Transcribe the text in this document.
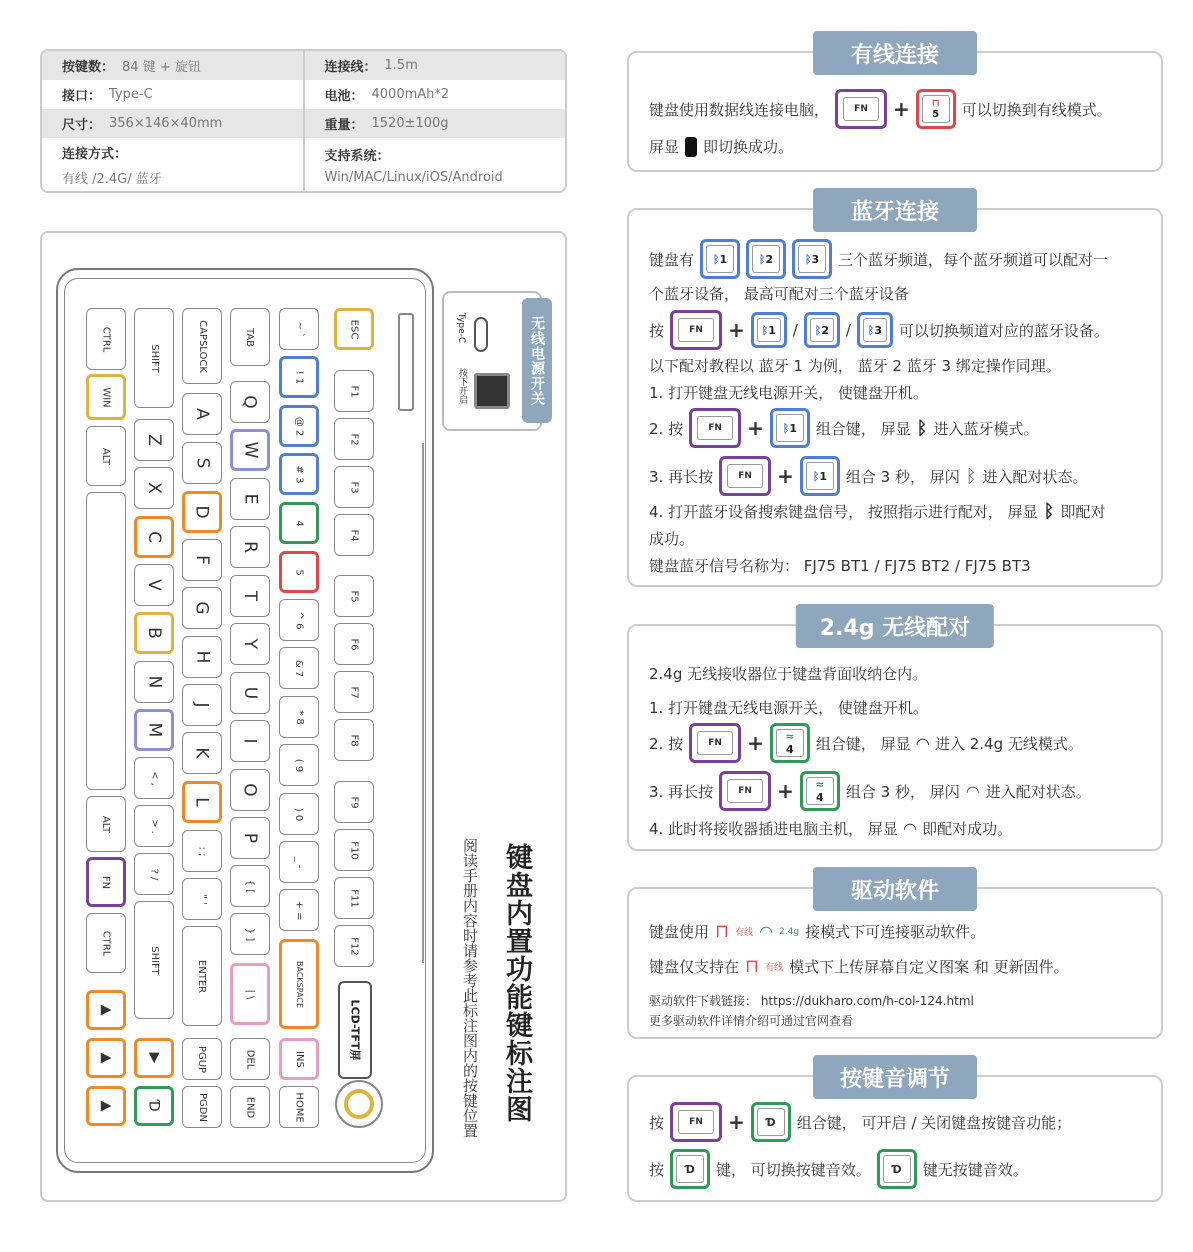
按键数： 84 键 + 旋钮	连接线： 1.5m
接口： Type-C	电池： 4000mAh*2
尺寸： 356×146×40mm	重量： 1520±100g
连接方式：
有线 /2.4G/ 蓝牙
支持系统：
Win/MAC/Linux/iOS/Android
Type-C
按下开启	无线电源开关
键盘内置功能键标注图
阅读手册内容时请参考此标注图内的按键位置
CTRL
WIN
ALT
ALT
FN
CTRL
▲
▲
▲
SHIFT
Z
X
C
V
B
N
M
< ,
> .
? /
SHIFT
▶
Ɗ
CAPSLOCK
A
S
D
F
G
H
J
K
L
: ;
" '
ENTER
PGUP
PGDN
TAB
Q
W
E
R
T
Y
U
I
O
P
{ [
} ]
| \
DEL
END
~ `
! 1
@ 2
# 3
4
5
^ 6
& 7
* 8
( 9
) 0
_ -
+ =
BACKSPACE
INS
HOME
ESC
F1
F2
F3
F4
F5
F6
F7
F8
F9
F10
F11
F12
LCD-TFT屏
有线连接
键盘使用数据线连接电脑，	FN	+	⊓
5 可以切换到有线模式。
屏显 即切换成功。
蓝牙连接
键盘有	ᛒ 1	ᛒ 2	ᛒ 3 三个蓝牙频道，每个蓝牙频道可以配对一
个蓝牙设备， 最高可配对三个蓝牙设备
按	FN	+	ᛒ 1 /	ᛒ 2 /	ᛒ 3 可以切换频道对应的蓝牙设备。
以下配对教程以 蓝牙 1 为例， 蓝牙 2 蓝牙 3 绑定操作同理。
1. 打开键盘无线电源开关， 使键盘开机。
2. 按	FN	+	ᛒ 1 组合键， 屏显 ᛒ 进入蓝牙模式。
3. 再长按	FN	+	ᛒ 1 组合 3 秒， 屏闪 ᛒ 进入配对状态。
4. 打开蓝牙设备搜索键盘信号， 按照指示进行配对， 屏显 ᛒ 即配对
成功。
键盘蓝牙信号名称为： FJ75 BT1 / FJ75 BT2 / FJ75 BT3
2.4g 无线配对
2.4g 无线接收器位于键盘背面收纳仓内。
1. 打开键盘无线电源开关， 使键盘开机。
2. 按	FN	+	≈
4 组合键， 屏显 ◠ 进入 2.4g 无线模式。
3. 再长按	FN	+	≈
4 组合 3 秒， 屏闪 ◠ 进入配对状态。
4. 此时将接收器插进电脑主机， 屏显 ◠ 即配对成功。
驱动软件
键盘使用 ⊓ 有线 ◠ 2.4g 接模式下可连接驱动软件。
键盘仅支持在 ⊓ 有线 模式下上传屏幕自定义图案 和 更新固件。
驱动软件下载链接： https://dukharo.com/h-col-124.html
更多驱动软件详情介绍可通过官网查看
按键音调节
按	FN	+	Ɗ	组合键， 可开启 / 关闭键盘按键音功能；
按	Ɗ	键， 可切换按键音效。	Ɗ	键无按键音效。
